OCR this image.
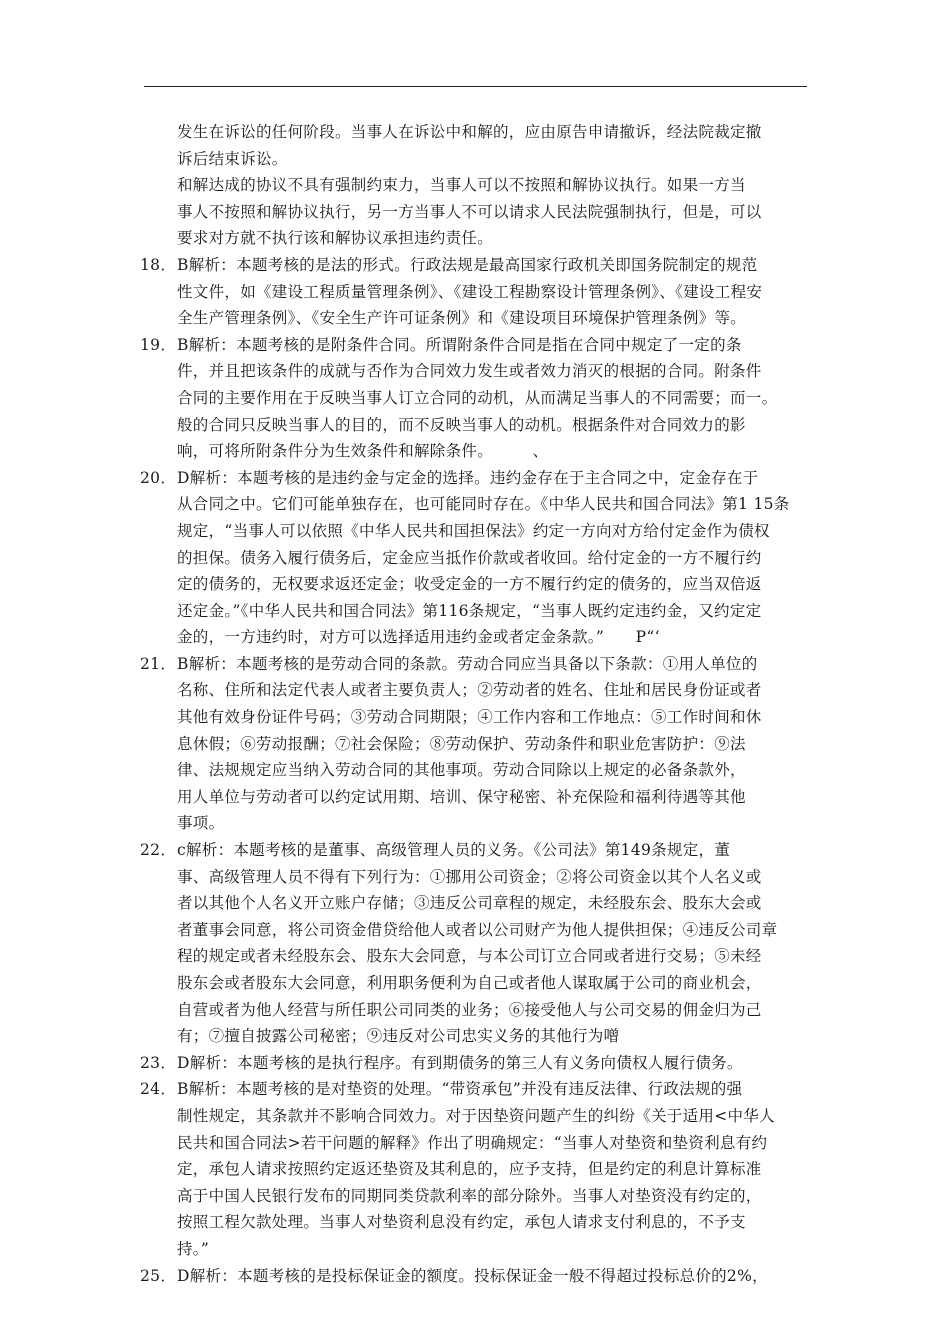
发生在诉讼的任何阶段。当事人在诉讼中和解的，应由原告申请撤诉，经法院裁定撤
诉后结束诉讼。
和解达成的协议不具有强制约束力，当事人可以不按照和解协议执行。如果一方当
事人不按照和解协议执行，另一方当事人不可以请求人民法院强制执行，但是，可以
要求对方就不执行该和解协议承担违约责任。
18．B解析：本题考核的是法的形式。行政法规是最高国家行政机关即国务院制定的规范
性文件，如《建设工程质量管理条例》、《建设工程勘察设计管理条例》、《建设工程安
全生产管理条例》、《安全生产许可证条例》和《建设项目环境保护管理条例》等。
19．B解析：本题考核的是附条件合同。所谓附条件合同是指在合同中规定了一定的条
件，并且把该条件的成就与否作为合同效力发生或者效力消灭的根据的合同。附条件
合同的主要作用在于反映当事人订立合同的动机，从而满足当事人的不同需要；而一。
般的合同只反映当事人的目的，而不反映当事人的动机。根据条件对合同效力的影
响，可将所附条件分为生效条件和解除条件。　　　、
20．D解析：本题考核的是违约金与定金的选择。违约金存在于主合同之中，定金存在于
从合同之中。它们可能单独存在，也可能同时存在。《中华人民共和国合同法》第1 15条
规定，“当事人可以依照《中华人民共和国担保法》约定一方向对方给付定金作为债权
的担保。债务入履行债务后，定金应当抵作价款或者收回。给付定金的一方不履行约
定的债务的，无权要求返还定金；收受定金的一方不履行约定的债务的，应当双倍返
还定金。”《中华人民共和国合同法》第116条规定，“当事人既约定违约金，又约定定
金的，一方违约时，对方可以选择适用违约金或者定金条款。”　　P“‘
21．B解析：本题考核的是劳动合同的条款。劳动合同应当具备以下条款：①用人单位的
名称、住所和法定代表人或者主要负责人；②劳动者的姓名、住址和居民身份证或者
其他有效身份证件号码；③劳动合同期限；④工作内容和工作地点：⑤工作时间和休
息休假；⑥劳动报酬；⑦社会保险；⑧劳动保护、劳动条件和职业危害防护：⑨法
律、法规规定应当纳入劳动合同的其他事项。劳动合同除以上规定的必备条款外，
用人单位与劳动者可以约定试用期、培训、保守秘密、补充保险和福利待遇等其他
事项。
22．c解析：本题考核的是董事、高级管理人员的义务。《公司法》第149条规定，董
事、高级管理人员不得有下列行为：①挪用公司资金；②将公司资金以其个人名义或
者以其他个人名义开立账户存储；③违反公司章程的规定，未经股东会、股东大会或
者董事会同意，将公司资金借贷给他人或者以公司财产为他人提供担保；④违反公司章
程的规定或者未经股东会、股东大会同意，与本公司订立合同或者进行交易；⑤未经
股东会或者股东大会同意，利用职务便利为自己或者他人谋取属于公司的商业机会，
自营或者为他人经营与所任职公司同类的业务；⑥接受他人与公司交易的佣金归为己
有；⑦擅自披露公司秘密；⑨违反对公司忠实义务的其他行为噌
23．D解析：本题考核的是执行程序。有到期债务的第三人有义务向债权人履行债务。
24．B解析：本题考核的是对垫资的处理。“带资承包”并没有违反法律、行政法规的强
制性规定，其条款并不影响合同效力。对于因垫资问题产生的纠纷《关于适用<中华人
民共和国合同法>若干问题的解释》作出了明确规定：“当事人对垫资和垫资利息有约
定，承包人请求按照约定返还垫资及其利息的，应予支持，但是约定的利息计算标准
高于中国人民银行发布的同期同类贷款利率的部分除外。当事人对垫资没有约定的，
按照工程欠款处理。当事人对垫资利息没有约定，承包人请求支付利息的，不予支
持。”
25．D解析：本题考核的是投标保证金的额度。投标保证金一般不得超过投标总价的2%，
